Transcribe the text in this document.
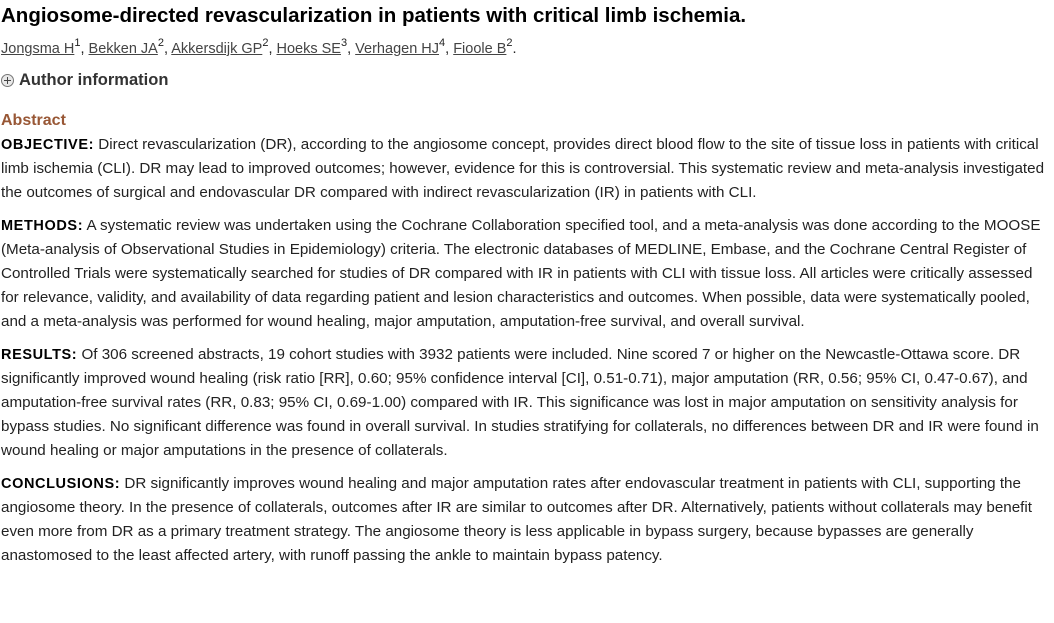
Angiosome-directed revascularization in patients with critical limb ischemia.
Jongsma $H^1$, Bekken $JA^2$, Akkersdijk $GP^2$, Hoeks $SE^3$, Verhagen $HJ^4$, Fioole $B^2$.
Author information
Abstract

OBJECTIVE: Direct revascularization (DR), according to the angiosome concept, provides direct blood flow to the site of tissue loss in patients with critical limb ischemia (CLI). DR may lead to improved outcomes; however, evidence for this is controversial. This systematic review and meta-analysis investigated the outcomes of surgical and endovascular DR compared with indirect revascularization (IR) in patients with CLI.

METHODS: A systematic review was undertaken using the Cochrane Collaboration specified tool, and a meta-analysis was done according to the MOOSE (Meta-analysis of Observational Studies in Epidemiology) criteria. The electronic databases of MEDLINE, Embase, and the Cochrane Central Register of Controlled Trials were systematically searched for studies of DR compared with IR in patients with CLI with tissue loss. All articles were critically assessed for relevance, validity, and availability of data regarding patient and lesion characteristics and outcomes. When possible, data were systematically pooled, and a meta-analysis was performed for wound healing, major amputation, amputation-free survival, and overall survival.

RESULTS: Of 306 screened abstracts, 19 cohort studies with 3932 patients were included. Nine scored 7 or higher on the Newcastle-Ottawa score. DR significantly improved wound healing (risk ratio [RR], 0.60; 95% confidence interval [CI], 0.51-0.71), major amputation (RR, 0.56; 95% CI, 0.47-0.67), and amputation-free survival rates (RR, 0.83; 95% CI, 0.69-1.00) compared with IR. This significance was lost in major amputation on sensitivity analysis for bypass studies. No significant difference was found in overall survival. In studies stratifying for collaterals, no differences between DR and IR were found in wound healing or major amputations in the presence of collaterals.

CONCLUSIONS: DR significantly improves wound healing and major amputation rates after endovascular treatment in patients with CLI, supporting the angiosome theory. In the presence of collaterals, outcomes after IR are similar to outcomes after DR. Alternatively, patients without collaterals may benefit even more from DR as a primary treatment strategy. The angiosome theory is less applicable in bypass surgery, because bypasses are generally anastomosed to the least affected artery, with runoff passing the ankle to maintain bypass patency.
